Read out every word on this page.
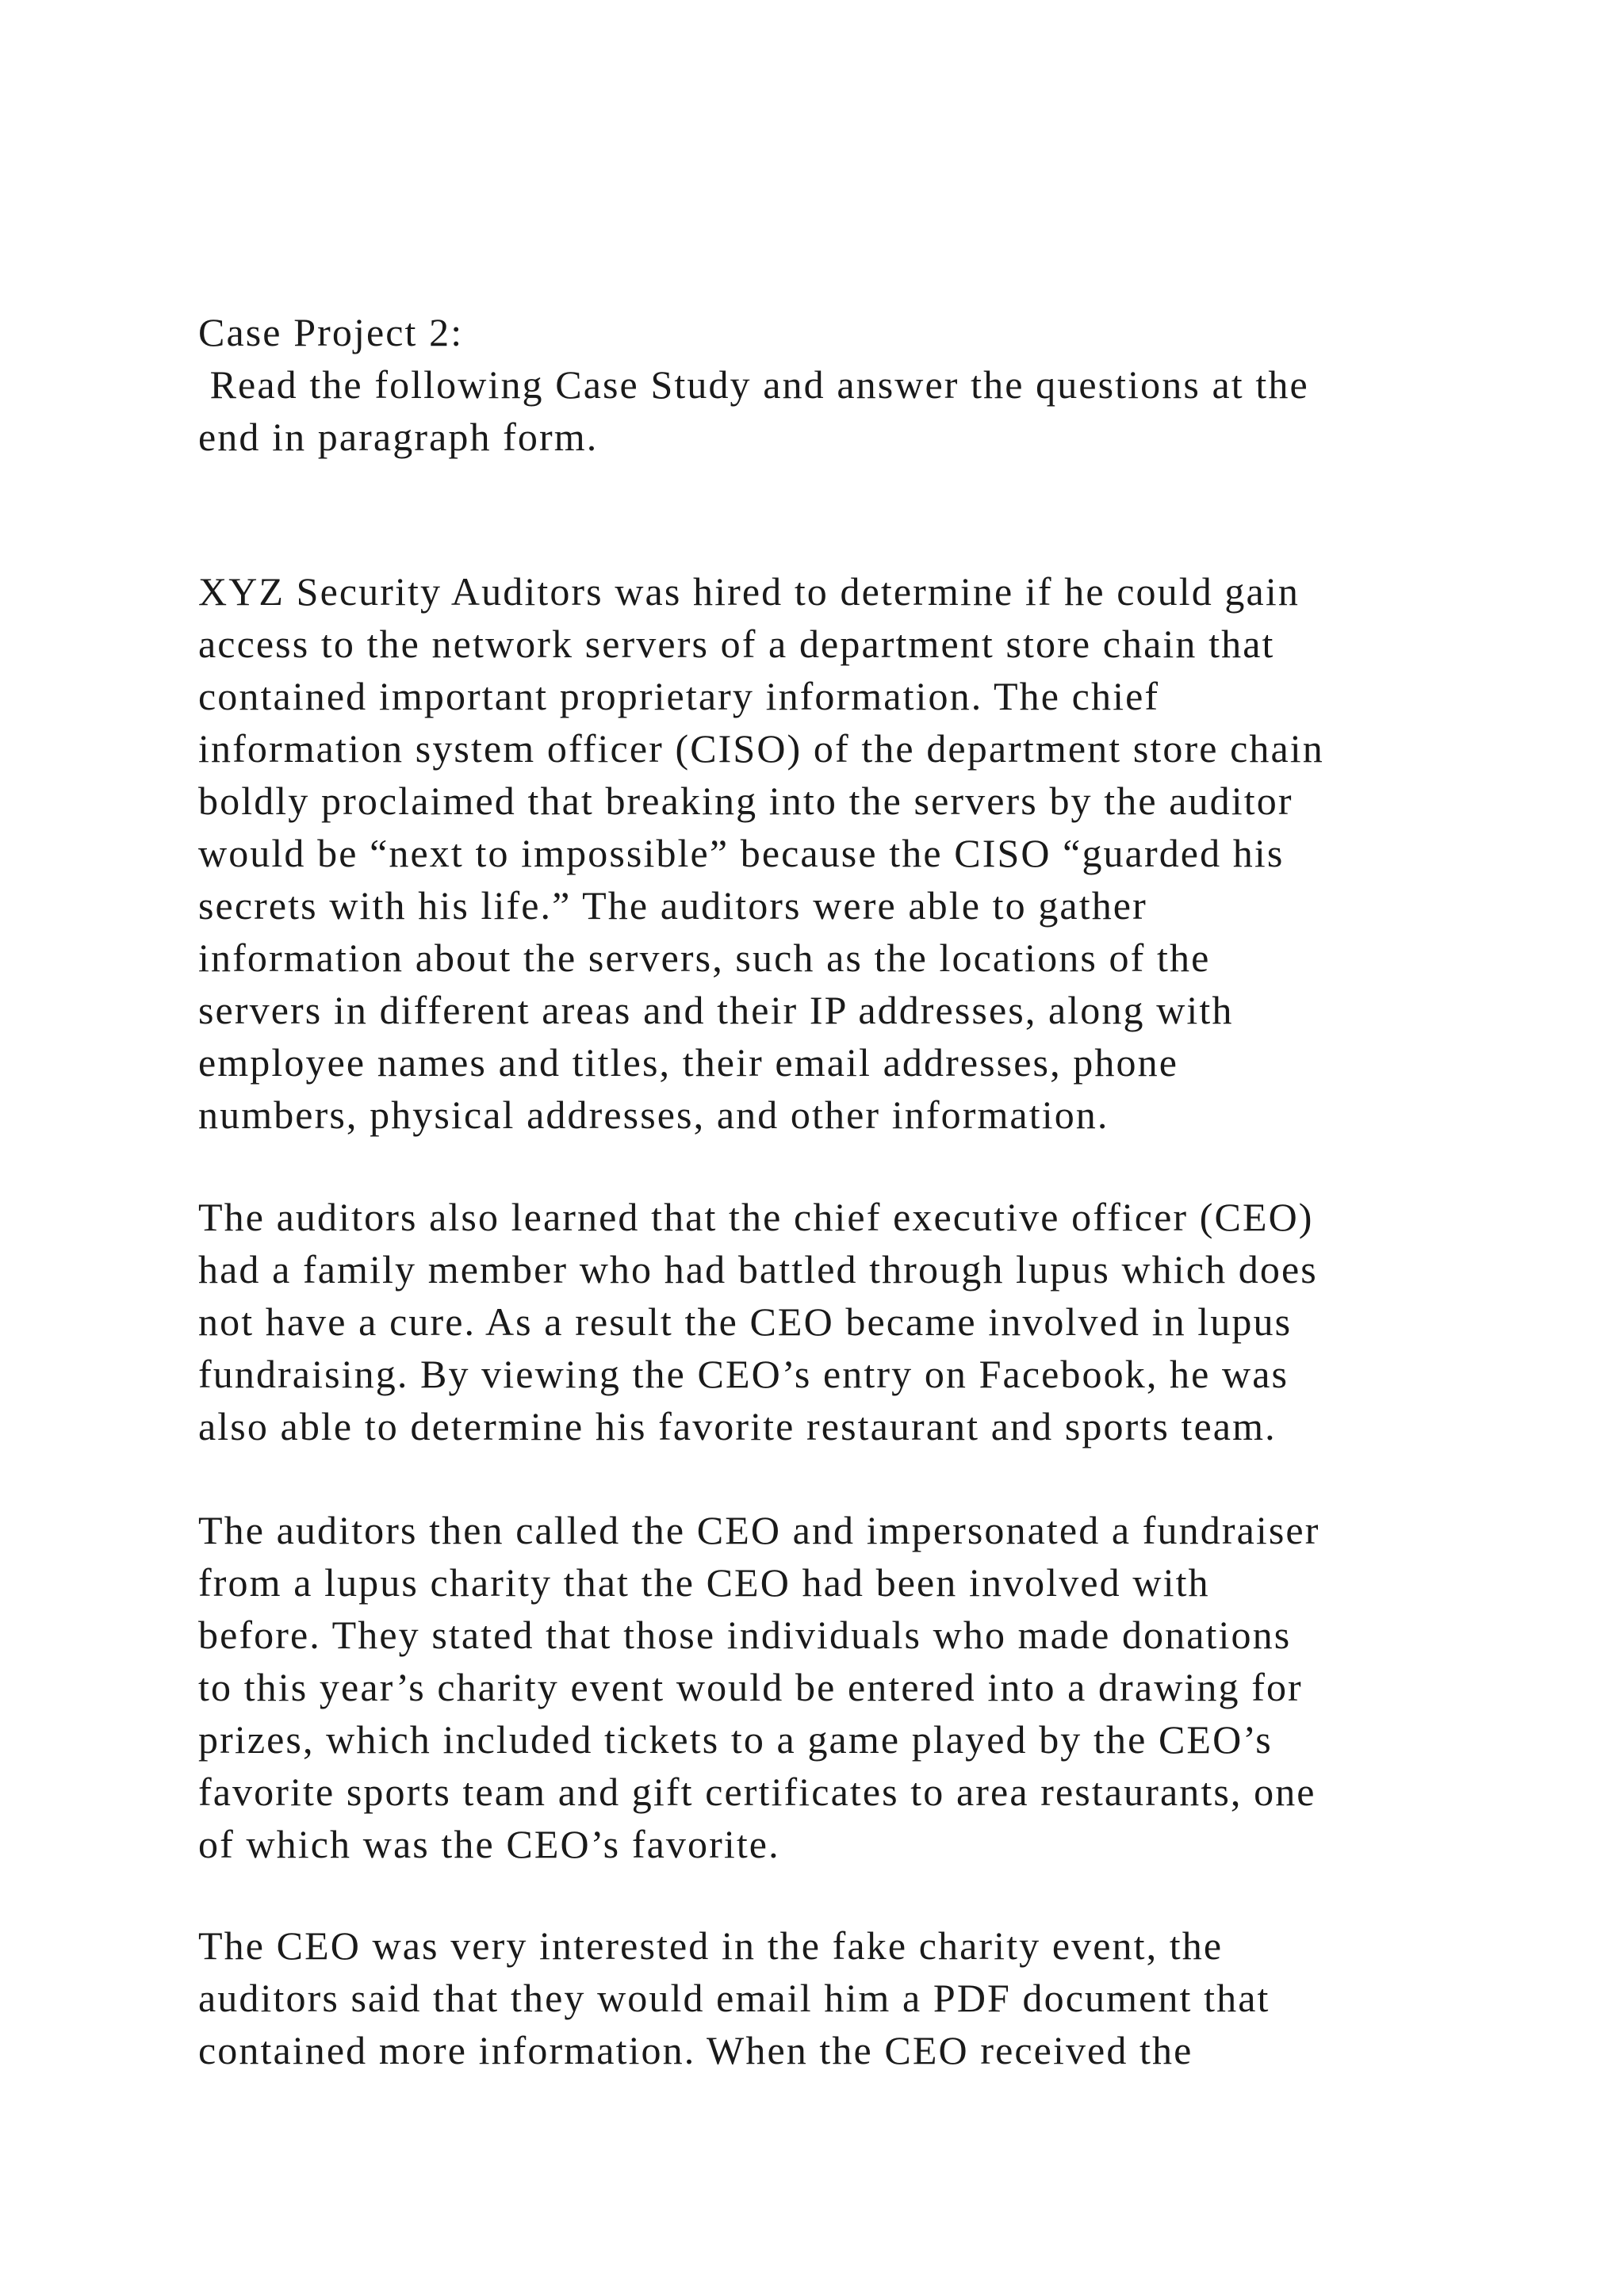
Case Project 2:
Read the following Case Study and answer the questions at the
end in paragraph form.
XYZ Security Auditors was hired to determine if he could gain
access to the network servers of a department store chain that
contained important proprietary information. The chief
information system officer (CISO) of the department store chain
boldly proclaimed that breaking into the servers by the auditor
would be “next to impossible” because the CISO “guarded his
secrets with his life.” The auditors were able to gather
information about the servers, such as the locations of the
servers in different areas and their IP addresses, along with
employee names and titles, their email addresses, phone
numbers, physical addresses, and other information.
The auditors also learned that the chief executive officer (CEO)
had a family member who had battled through lupus which does
not have a cure. As a result the CEO became involved in lupus
fundraising. By viewing the CEO’s entry on Facebook, he was
also able to determine his favorite restaurant and sports team.
The auditors then called the CEO and impersonated a fundraiser
from a lupus charity that the CEO had been involved with
before. They stated that those individuals who made donations
to this year’s charity event would be entered into a drawing for
prizes, which included tickets to a game played by the CEO’s
favorite sports team and gift certificates to area restaurants, one
of which was the CEO’s favorite.
The CEO was very interested in the fake charity event, the
auditors said that they would email him a PDF document that
contained more information. When the CEO received the
